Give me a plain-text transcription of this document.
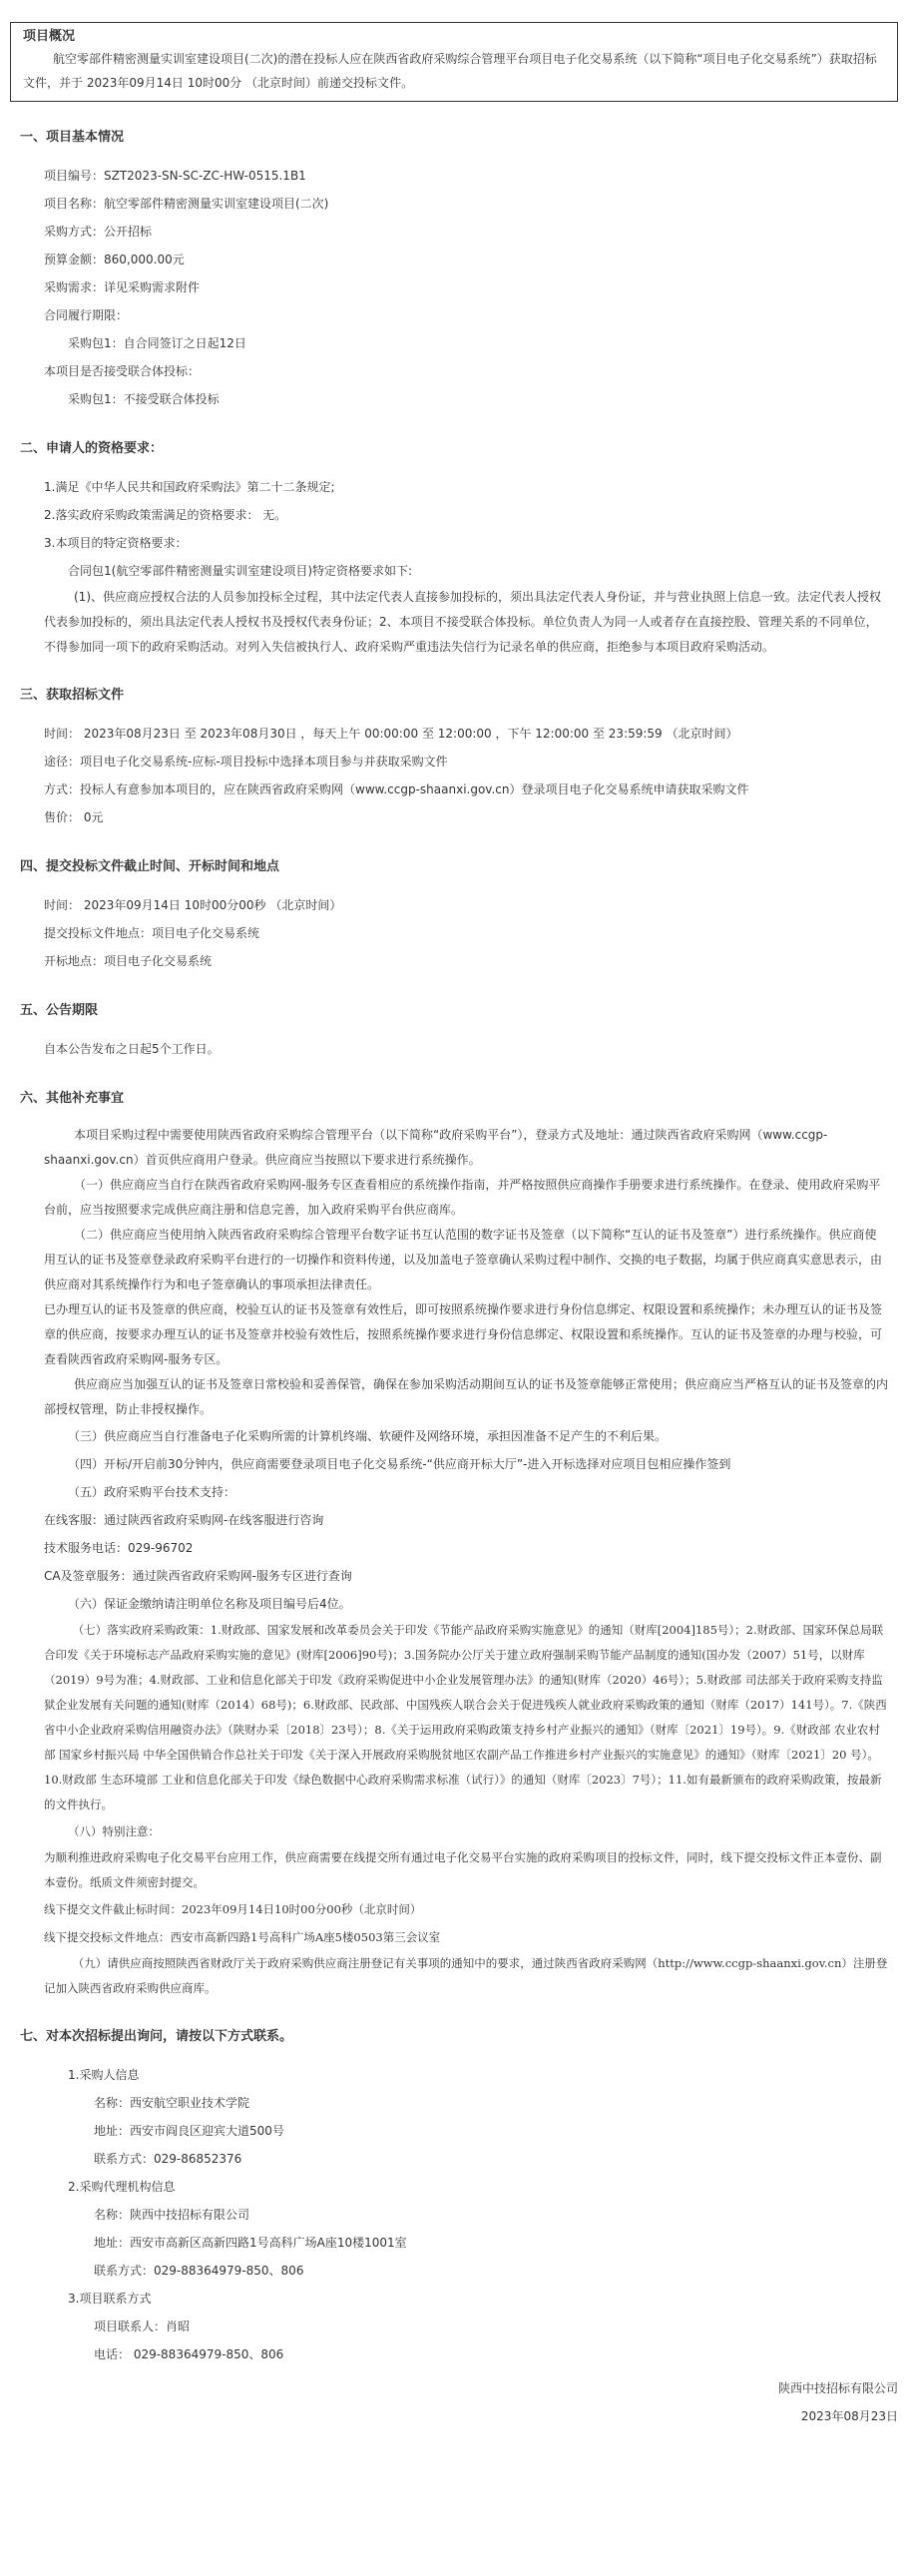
项目概况

航空零部件精密测量实训室建设项目(二次)的潜在投标人应在陕西省政府采购综合管理平台项目电子化交易系统（以下简称“项目电子化交易系统”）获取招标文件，并于 2023年09月14日 10时00分 （北京时间）前递交投标文件。

一、项目基本情况

项目编号：SZT2023-SN-SC-ZC-HW-0515.1B1

项目名称：航空零部件精密测量实训室建设项目(二次)

采购方式：公开招标

预算金额：860,000.00元

采购需求：详见采购需求附件

合同履行期限：

采购包1：自合同签订之日起12日

本项目是否接受联合体投标：

采购包1：不接受联合体投标

二、申请人的资格要求：

1.满足《中华人民共和国政府采购法》第二十二条规定;

2.落实政府采购政策需满足的资格要求： 无。

3.本项目的特定资格要求：

合同包1(航空零部件精密测量实训室建设项目)特定资格要求如下:

(1)、供应商应授权合法的人员参加投标全过程，其中法定代表人直接参加投标的，须出具法定代表人身份证，并与营业执照上信息一致。法定代表人授权代表参加投标的，须出具法定代表人授权书及授权代表身份证；2、本项目不接受联合体投标。单位负责人为同一人或者存在直接控股、管理关系的不同单位，不得参加同一项下的政府采购活动。对列入失信被执行人、政府采购严重违法失信行为记录名单的供应商，拒绝参与本项目政府采购活动。

三、获取招标文件

时间： 2023年08月23日 至 2023年08月30日 ，每天上午 00:00:00 至 12:00:00 ，下午 12:00:00 至 23:59:59 （北京时间）

途径：项目电子化交易系统-应标-项目投标中选择本项目参与并获取采购文件

方式：投标人有意参加本项目的，应在陕西省政府采购网（www.ccgp-shaanxi.gov.cn）登录项目电子化交易系统申请获取采购文件

售价： 0元

四、提交投标文件截止时间、开标时间和地点

时间： 2023年09月14日 10时00分00秒 （北京时间）

提交投标文件地点：项目电子化交易系统

开标地点：项目电子化交易系统

五、公告期限

自本公告发布之日起5个工作日。

六、其他补充事宜

本项目采购过程中需要使用陕西省政府采购综合管理平台（以下简称“政府采购平台”），登录方式及地址：通过陕西省政府采购网（www.ccgp-shaanxi.gov.cn）首页供应商用户登录。供应商应当按照以下要求进行系统操作。

（一）供应商应当自行在陕西省政府采购网-服务专区查看相应的系统操作指南，并严格按照供应商操作手册要求进行系统操作。在登录、使用政府采购平台前，应当按照要求完成供应商注册和信息完善，加入政府采购平台供应商库。

（二）供应商应当使用纳入陕西省政府采购综合管理平台数字证书互认范围的数字证书及签章（以下简称“互认的证书及签章”）进行系统操作。供应商使用互认的证书及签章登录政府采购平台进行的一切操作和资料传递，以及加盖电子签章确认采购过程中制作、交换的电子数据，均属于供应商真实意思表示，由供应商对其系统操作行为和电子签章确认的事项承担法律责任。

已办理互认的证书及签章的供应商，校验互认的证书及签章有效性后，即可按照系统操作要求进行身份信息绑定、权限设置和系统操作；未办理互认的证书及签章的供应商，按要求办理互认的证书及签章并校验有效性后，按照系统操作要求进行身份信息绑定、权限设置和系统操作。互认的证书及签章的办理与校验，可查看陕西省政府采购网-服务专区。

供应商应当加强互认的证书及签章日常校验和妥善保管，确保在参加采购活动期间互认的证书及签章能够正常使用；供应商应当严格互认的证书及签章的内部授权管理，防止非授权操作。

（三）供应商应当自行准备电子化采购所需的计算机终端、软硬件及网络环境，承担因准备不足产生的不利后果。

（四）开标/开启前30分钟内，供应商需要登录项目电子化交易系统-“供应商开标大厅”-进入开标选择对应项目包相应操作签到

（五）政府采购平台技术支持：

在线客服：通过陕西省政府采购网-在线客服进行咨询

技术服务电话：029-96702

CA及签章服务：通过陕西省政府采购网-服务专区进行查询

（六）保证金缴纳请注明单位名称及项目编号后4位。

（七）落实政府采购政策：1.财政部、国家发展和改革委员会关于印发《节能产品政府采购实施意见》的通知（财库[2004]185号）；2.财政部、国家环保总局联合印发《关于环境标志产品政府采购实施的意见》(财库[2006]90号)；3.国务院办公厅关于建立政府强制采购节能产品制度的通知(国办发（2007）51号，以财库（2019）9号为准；4.财政部、工业和信息化部关于印发《政府采购促进中小企业发展管理办法》的通知(财库（2020）46号）；5.财政部 司法部关于政府采购支持监狱企业发展有关问题的通知(财库（2014）68号)；6.财政部、民政部、中国残疾人联合会关于促进残疾人就业政府采购政策的通知（财库（2017）141号）。7.《陕西省中小企业政府采购信用融资办法》（陕财办采〔2018〕23号）；8.《关于运用政府采购政策支持乡村产业振兴的通知》（财库〔2021〕19号）。9.《财政部 农业农村部 国家乡村振兴局 中华全国供销合作总社关于印发《关于深入开展政府采购脱贫地区农副产品工作推进乡村产业振兴的实施意见》的通知》（财库〔2021〕20 号）。10.财政部 生态环境部 工业和信息化部关于印发《绿色数据中心政府采购需求标准（试行）》的通知（财库〔2023〕7号）；11.如有最新颁布的政府采购政策，按最新的文件执行。

（八）特别注意：

为顺利推进政府采购电子化交易平台应用工作，供应商需要在线提交所有通过电子化交易平台实施的政府采购项目的投标文件，同时，线下提交投标文件正本壹份、副本壹份。纸质文件须密封提交。

线下提交文件截止标时间：2023年09月14日10时00分00秒（北京时间）

线下提交投标文件地点：西安市高新四路1号高科广场A座5楼0503第三会议室

（九）请供应商按照陕西省财政厅关于政府采购供应商注册登记有关事项的通知中的要求，通过陕西省政府采购网（http://www.ccgp-shaanxi.gov.cn）注册登记加入陕西省政府采购供应商库。

七、对本次招标提出询问，请按以下方式联系。

1.采购人信息

名称：西安航空职业技术学院

地址：西安市阎良区迎宾大道500号

联系方式：029-86852376

2.采购代理机构信息

名称：陕西中技招标有限公司

地址：西安市高新区高新四路1号高科广场A座10楼1001室

联系方式：029-88364979-850、806

3.项目联系方式

项目联系人：肖昭

电话： 029-88364979-850、806

陕西中技招标有限公司

2023年08月23日
